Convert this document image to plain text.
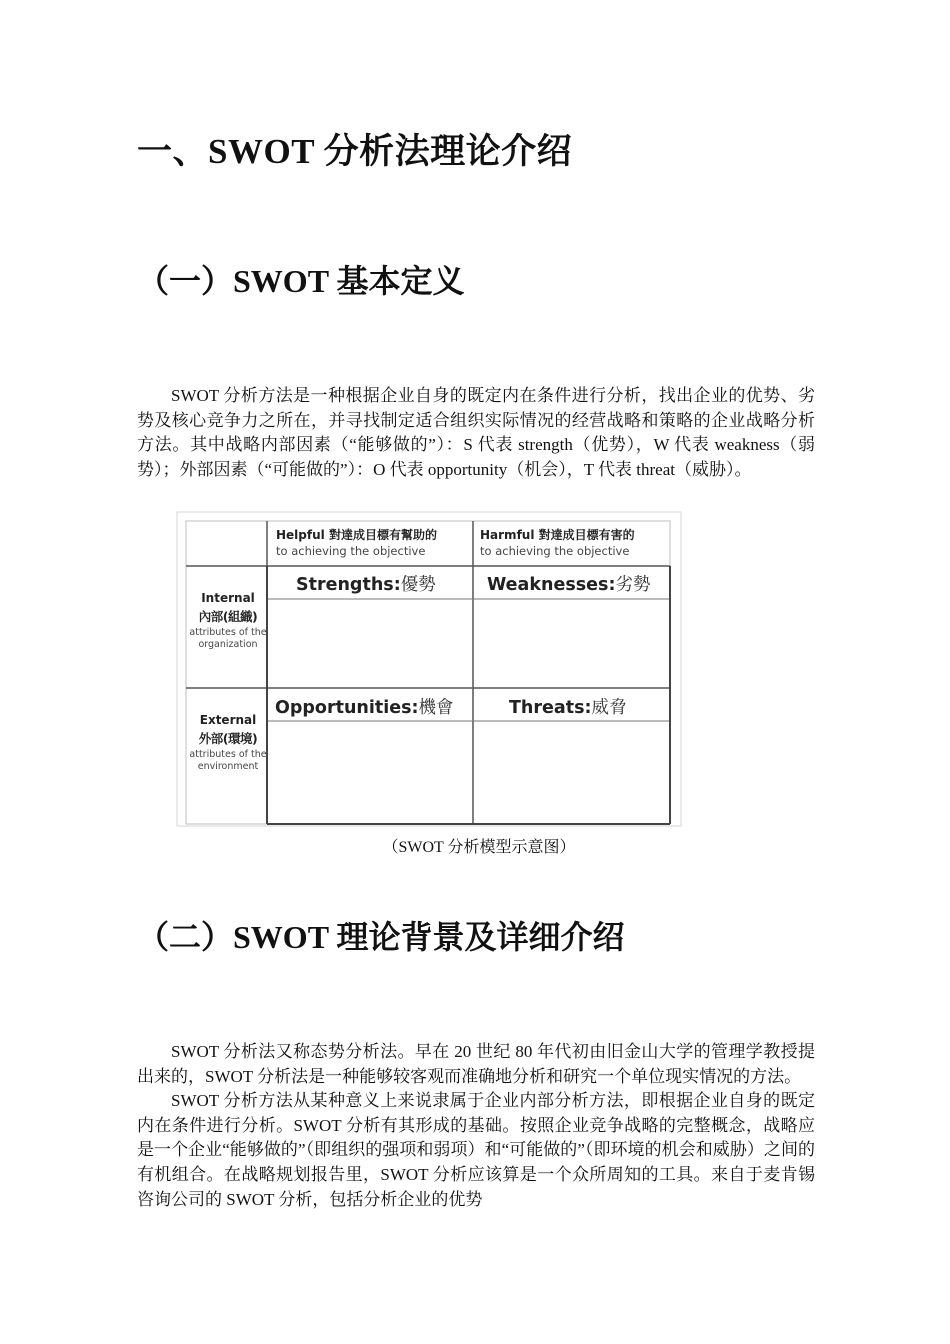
一、SWOT 分析法理论介绍
（一）SWOT 基本定义

SWOT 分析方法是一种根据企业自身的既定内在条件进行分析，找出企业的优势、劣势及核心竞争力之所在，并寻找制定适合组织实际情况的经营战略和策略的企业战略分析方法。其中战略内部因素（“能够做的”）：S 代表 strength（优势），W 代表 weakness（弱势）；外部因素（“可能做的”）：O 代表 opportunity（机会），T 代表 threat（威胁）。

Helpful 對達成目標有幫助的
to achieving the objective
Harmful 對達成目標有害的
to achieving the objective
Internal
內部(組織)
attributes of the organization
External
外部(環境)
attributes of the environment
Strengths:優勢	Weaknesses:劣勢
Opportunities:機會	Threats:威脅
（SWOT 分析模型示意图）
（二）SWOT 理论背景及详细介绍

SWOT 分析法又称态势分析法。早在 20 世纪 80 年代初由旧金山大学的管理学教授提出来的，SWOT 分析法是一种能够较客观而准确地分析和研究一个单位现实情况的方法。

SWOT 分析方法从某种意义上来说隶属于企业内部分析方法，即根据企业自身的既定内在条件进行分析。SWOT 分析有其形成的基础。按照企业竞争战略的完整概念，战略应是一个企业“能够做的”（即组织的强项和弱项）和“可能做的”（即环境的机会和威胁）之间的有机组合。在战略规划报告里，SWOT 分析应该算是一个众所周知的工具。来自于麦肯锡咨询公司的 SWOT 分析，包括分析企业的优势
